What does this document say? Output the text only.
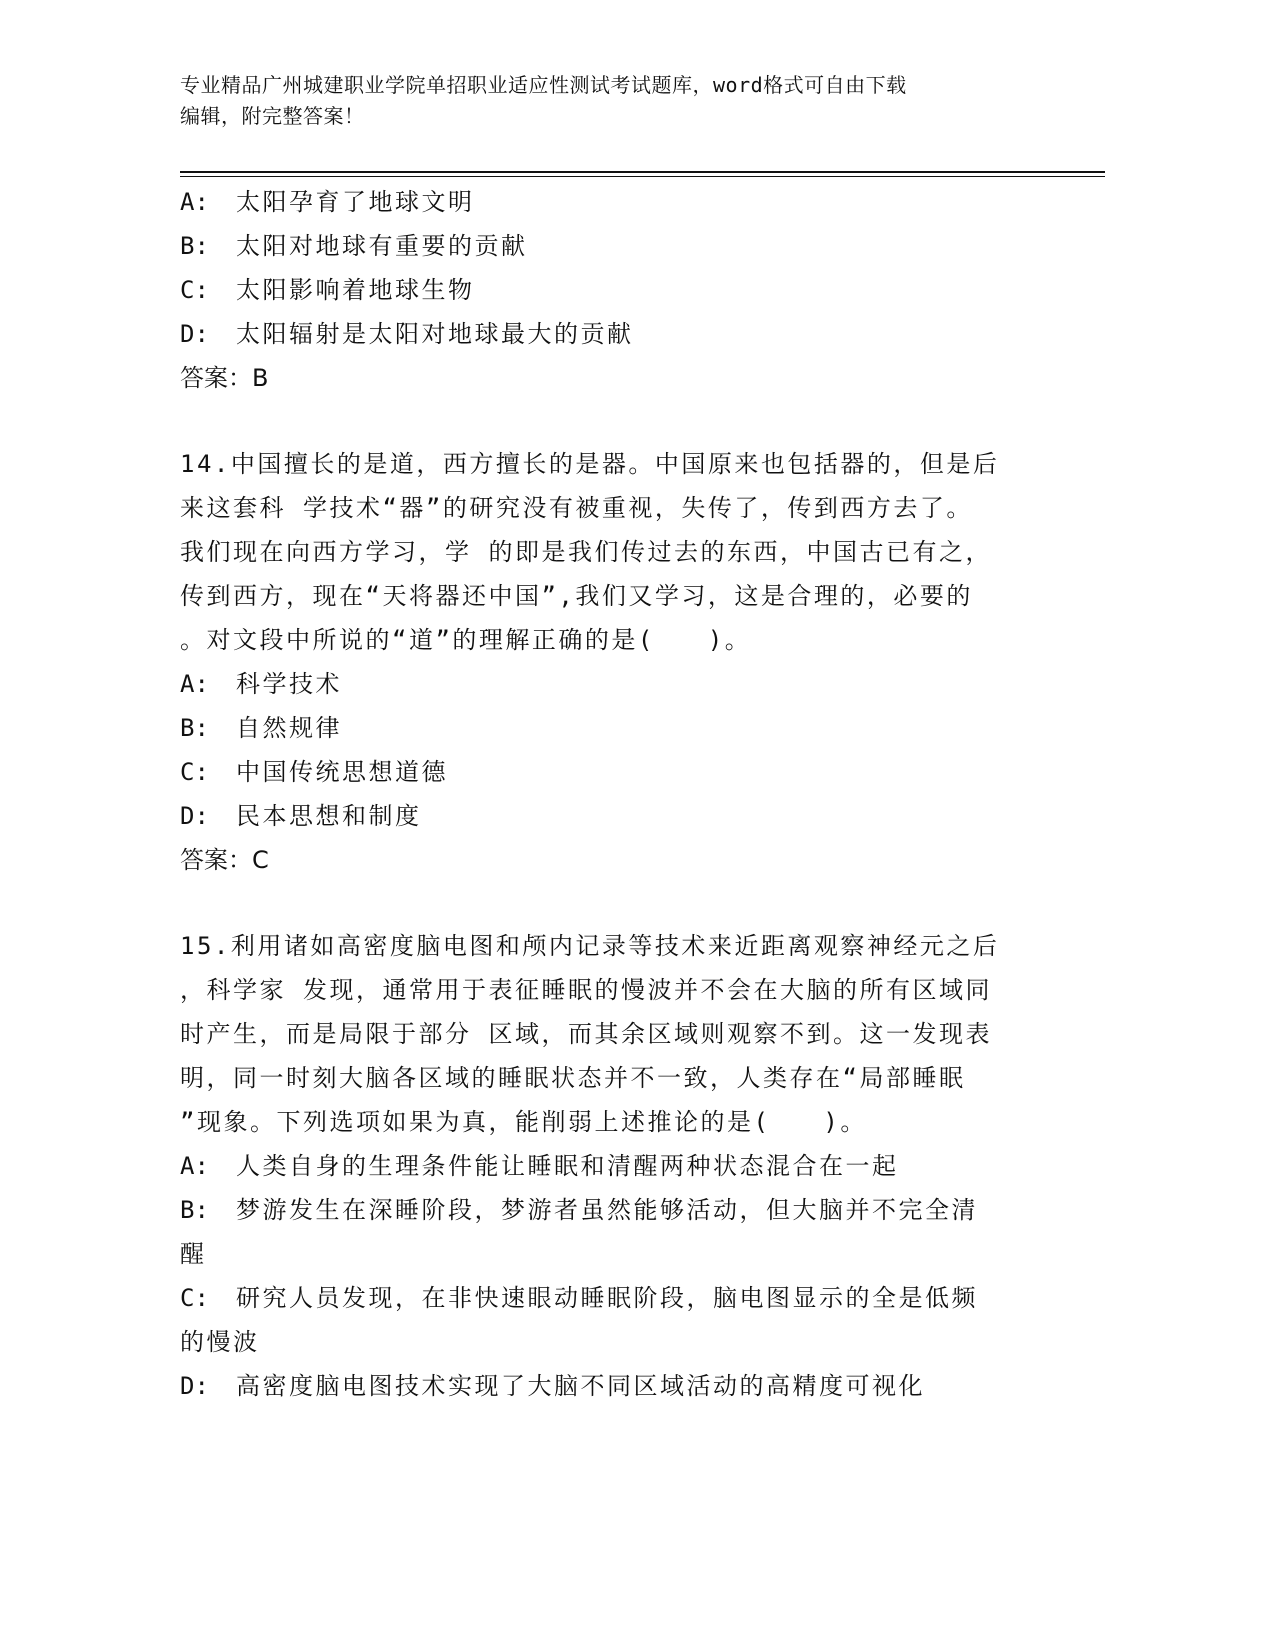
专业精品广州城建职业学院单招职业适应性测试考试题库，word格式可自由下载
编辑，附完整答案！
A:	太阳孕育了地球文明
B:	太阳对地球有重要的贡献
C:	太阳影响着地球生物
D:	太阳辐射是太阳对地球最大的贡献
答案：B
14.中国擅长的是道，西方擅长的是器。中国原来也包括器的，但是后
来这套科 学技术“器”的研究没有被重视，失传了，传到西方去了。
我们现在向西方学习，学 的即是我们传过去的东西，中国古已有之，
传到西方，现在“天将器还中国”,我们又学习，这是合理的，必要的
。对文段中所说的“道”的理解正确的是(　　)。
A:	科学技术
B:	自然规律
C:	中国传统思想道德
D:	民本思想和制度
答案：C
15.利用诸如高密度脑电图和颅内记录等技术来近距离观察神经元之后
，科学家 发现，通常用于表征睡眠的慢波并不会在大脑的所有区域同
时产生，而是局限于部分 区域，而其余区域则观察不到。这一发现表
明，同一时刻大脑各区域的睡眠状态并不一致，人类存在“局部睡眠
”现象。下列选项如果为真，能削弱上述推论的是(　　)。
A:	人类自身的生理条件能让睡眠和清醒两种状态混合在一起
B:	梦游发生在深睡阶段，梦游者虽然能够活动，但大脑并不完全清
醒
C:	研究人员发现，在非快速眼动睡眠阶段，脑电图显示的全是低频
的慢波
D:	高密度脑电图技术实现了大脑不同区域活动的高精度可视化
